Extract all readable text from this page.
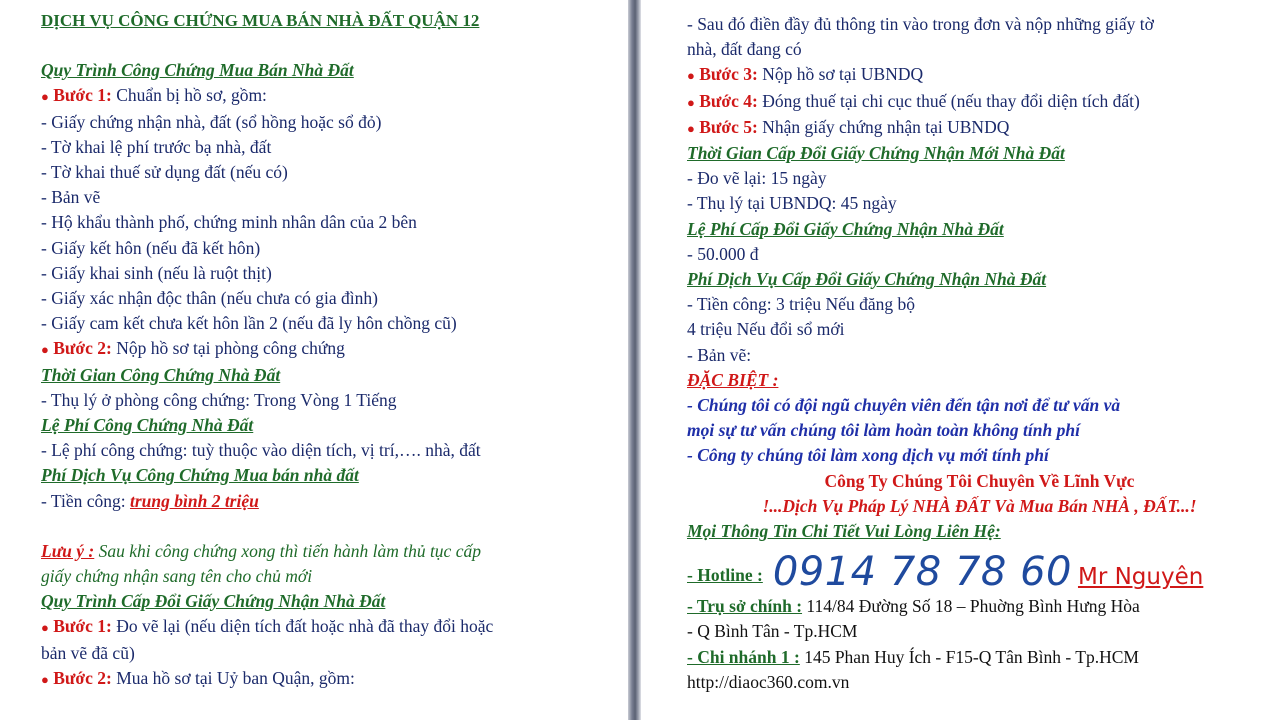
DỊCH VỤ CÔNG CHỨNG MUA BÁN NHÀ ĐẤT QUẬN 12
Quy Trình Công Chứng Mua Bán Nhà Đất
● Bước 1: Chuẩn bị hồ sơ, gồm:
- Giấy chứng nhận nhà, đất (sổ hồng hoặc sổ đỏ)
- Tờ khai lệ phí trước bạ nhà, đất
- Tờ khai thuế sử dụng đất (nếu có)
- Bản vẽ
- Hộ khẩu thành phố, chứng minh nhân dân của 2 bên
- Giấy kết hôn (nếu đã kết hôn)
- Giấy khai sinh (nếu là ruột thịt)
- Giấy xác nhận độc thân (nếu chưa có gia đình)
- Giấy cam kết chưa kết hôn lần 2 (nếu đã ly hôn chồng cũ)
● Bước 2: Nộp hồ sơ tại phòng công chứng
Thời Gian Công Chứng Nhà Đất
- Thụ lý ở phòng công chứng: Trong Vòng 1 Tiếng
Lệ Phí Công Chứng Nhà Đất
- Lệ phí công chứng: tuỳ thuộc vào diện tích, vị trí,…. nhà, đất
Phí Dịch Vụ Công Chứng Mua bán nhà đất
- Tiền công: trung bình 2 triệu
Lưu ý : Sau khi công chứng xong thì tiến hành làm thủ tục cấp
giấy chứng nhận sang tên cho chủ mới
Quy Trình Cấp Đổi Giấy Chứng Nhận Nhà Đất
● Bước 1: Đo vẽ lại (nếu diện tích đất hoặc nhà đã thay đổi hoặc
bản vẽ đã cũ)
● Bước 2: Mua hồ sơ tại Uỷ ban Quận, gồm:
- Sau đó điền đầy đủ thông tin vào trong đơn và nộp những giấy tờ
nhà, đất đang có
● Bước 3: Nộp hồ sơ tại UBNDQ
● Bước 4: Đóng thuế tại chi cục thuế (nếu thay đổi diện tích đất)
● Bước 5: Nhận giấy chứng nhận tại UBNDQ
Thời Gian Cấp Đổi Giấy Chứng Nhận Mới Nhà Đất
- Đo vẽ lại: 15 ngày
- Thụ lý tại UBNDQ: 45 ngày
Lệ Phí Cấp Đổi Giấy Chứng Nhận Nhà Đất
- 50.000 đ
Phí Dịch Vụ Cấp Đổi Giấy Chứng Nhận Nhà Đất
- Tiền công: 3 triệu Nếu đăng bộ
4 triệu Nếu đổi sổ mới
- Bản vẽ:
ĐẶC BIỆT :
- Chúng tôi có đội ngũ chuyên viên đến tận nơi để tư vấn và
mọi sự tư vấn chúng tôi làm hoàn toàn không tính phí
- Công ty chúng tôi làm xong dịch vụ mới tính phí
Công Ty Chúng Tôi Chuyên Về Lĩnh Vực
!...Dịch Vụ Pháp Lý NHÀ ĐẤT Và Mua Bán NHÀ , ĐẤT...!
Mọi Thông Tin Chi Tiết Vui Lòng Liên Hệ:
- Hotline : 0914 78 78 60 Mr Nguyên
- Trụ sở chính : 114/84 Đường Số 18 – Phuờng Bình Hưng Hòa
- Q Bình Tân - Tp.HCM
- Chi nhánh 1 : 145 Phan Huy Ích - F15-Q Tân Bình - Tp.HCM
http://diaoc360.com.vn
